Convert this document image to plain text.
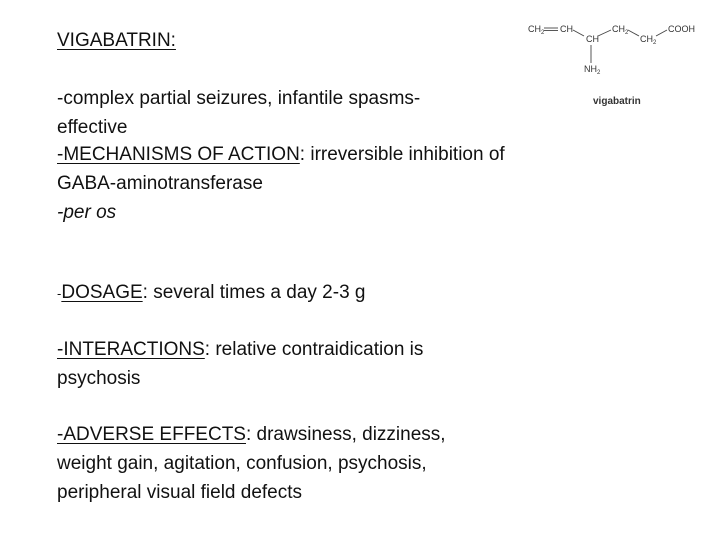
VIGABATRIN:
-complex partial seizures, infantile spasms-
effective
-MECHANISMS OF ACTION: irreversible inhibition of
GABA-aminotransferase
-per os
-DOSAGE: several times a day 2-3 g
-INTERACTIONS: relative contraidication is
psychosis
-ADVERSE EFFECTS: drawsiness, dizziness,
weight gain, agitation, confusion, psychosis,
peripheral visual field defects
$CH_2$ CH
CH
$CH_2$
$CH_2$
COOH
$NH_2$
vigabatrin
